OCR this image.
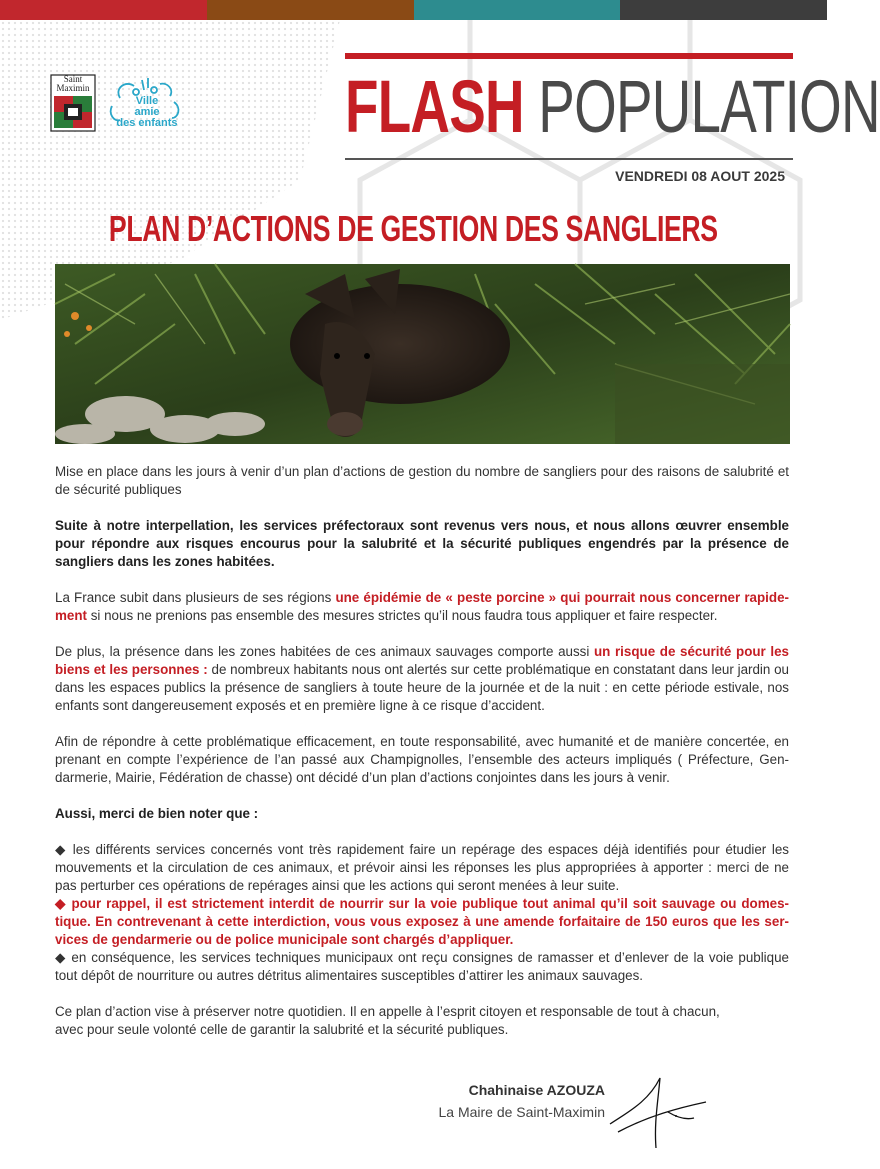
Saint Maximin
Ville
amie
des enfants FLASH POPULATION
VENDREDI 08 AOUT 2025
PLAN D’ACTIONS DE GESTION DES SANGLIERS

Mise en place dans les jours à venir d’un plan d’actions de gestion du nombre de sangliers pour des raisons de salubrité et de sécurité publiques

Suite à notre interpellation, les services préfectoraux sont revenus vers nous, et nous allons œuvrer ensemble pour répondre aux risques encourus pour la salubrité et la sécurité publiques engendrés par la présence de sangliers dans les zones habitées.

La France subit dans plusieurs de ses régions une épidémie de « peste porcine » qui pourrait nous concerner rapide-ment si nous ne prenions pas ensemble des mesures strictes qu’il nous faudra tous appliquer et faire respecter.

De plus, la présence dans les zones habitées de ces animaux sauvages comporte aussi un risque de sécurité pour les biens et les personnes : de nombreux habitants nous ont alertés sur cette problématique en constatant dans leur jardin ou dans les espaces publics la présence de sangliers à toute heure de la journée et de la nuit : en cette période estivale, nos enfants sont dangereusement exposés et en première ligne à ce risque d’accident.

Afin de répondre à cette problématique efficacement, en toute responsabilité, avec humanité et de manière concertée, en prenant en compte l’expérience de l’an passé aux Champignolles, l’ensemble des acteurs impliqués ( Préfecture, Gen-darmerie, Mairie, Fédération de chasse) ont décidé d’un plan d’actions conjointes dans les jours à venir.

Aussi, merci de bien noter que :

◆ les différents services concernés vont très rapidement faire un repérage des espaces déjà identifiés pour étudier les mouvements et la circulation de ces animaux, et prévoir ainsi les réponses les plus appropriées à apporter : merci de ne pas perturber ces opérations de repérages ainsi que les actions qui seront menées à leur suite.

◆ pour rappel, il est strictement interdit de nourrir sur la voie publique tout animal qu’il soit sauvage ou domes-tique. En contrevenant à cette interdiction, vous vous exposez à une amende forfaitaire de 150 euros que les ser-vices de gendarmerie ou de police municipale sont chargés d’appliquer.

◆ en conséquence, les services techniques municipaux ont reçu consignes de ramasser et d’enlever de la voie publique tout dépôt de nourriture ou autres détritus alimentaires susceptibles d’attirer les animaux sauvages.

Ce plan d’action vise à préserver notre quotidien. Il en appelle à l’esprit citoyen et responsable de tout à chacun,

avec pour seule volonté celle de garantir la salubrité et la sécurité publiques.

Chahinaise AZOUZA
La Maire de Saint-Maximin
